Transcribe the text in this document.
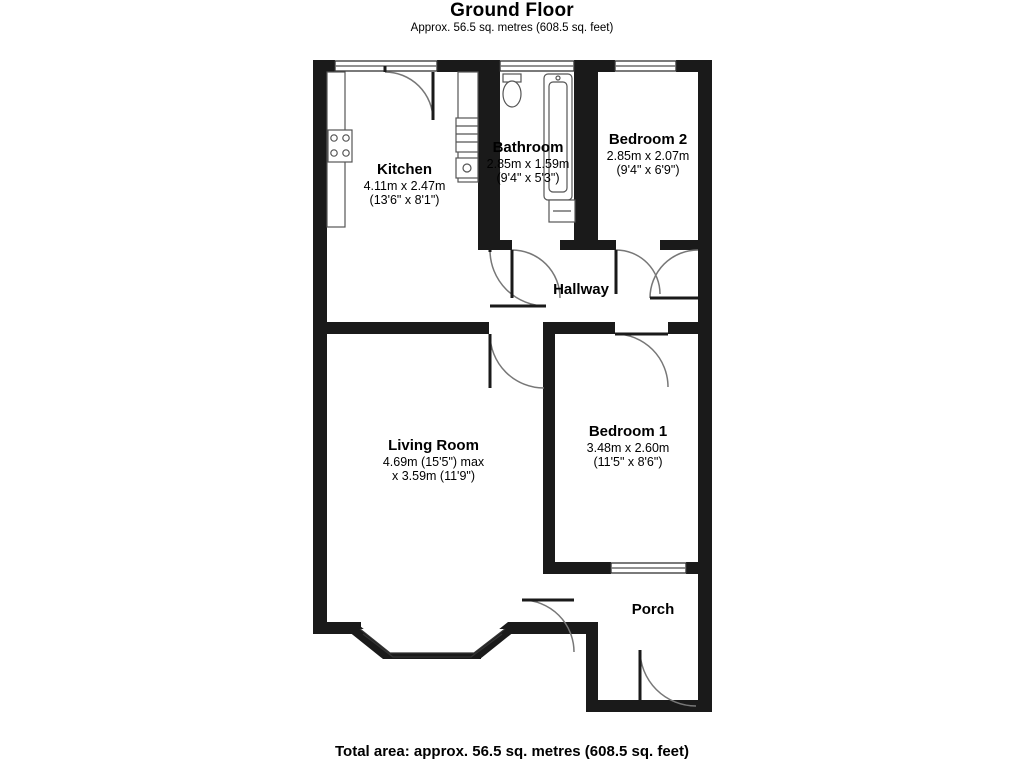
Ground Floor
Approx. 56.5 sq. metres (608.5 sq. feet)
Kitchen
4.11m x 2.47m
(13'6" x 8'1")
Bathroom
2.85m x 1.59m
(9'4" x 5'3")
Bedroom 2
2.85m x 2.07m
(9'4" x 6'9")
Hallway
Bedroom 1
3.48m x 2.60m
(11'5" x 8'6")
Living Room
4.69m (15'5") max
x 3.59m (11'9")
Porch
Total area: approx. 56.5 sq. metres (608.5 sq. feet)
